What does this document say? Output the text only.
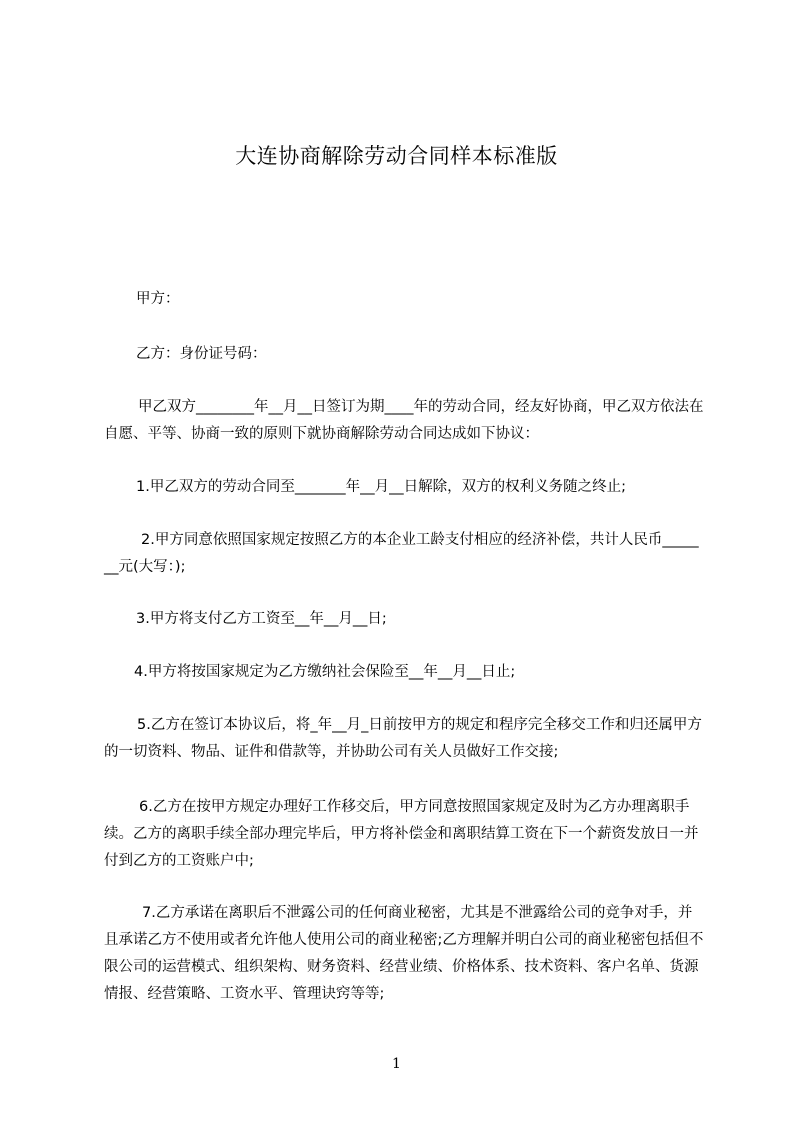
大连协商解除劳动合同样本标准版

甲方：

乙方：身份证号码：

甲乙双方________年__月__日签订为期____年的劳动合同，经友好协商，甲乙双方依法在自愿、平等、协商一致的原则下就协商解除劳动合同达成如下协议：

1.甲乙双方的劳动合同至_______年__月__日解除，双方的权利义务随之终止;

2.甲方同意依照国家规定按照乙方的本企业工龄支付相应的经济补偿，共计人民币_______元(大写：);

3.甲方将支付乙方工资至__年__月__日;

4.甲方将按国家规定为乙方缴纳社会保险至__年__月__日止;

5.乙方在签订本协议后，将_年__月_日前按甲方的规定和程序完全移交工作和归还属甲方的一切资料、物品、证件和借款等，并协助公司有关人员做好工作交接;

6.乙方在按甲方规定办理好工作移交后，甲方同意按照国家规定及时为乙方办理离职手续。乙方的离职手续全部办理完毕后，甲方将补偿金和离职结算工资在下一个薪资发放日一并付到乙方的工资账户中;

7.乙方承诺在离职后不泄露公司的任何商业秘密，尤其是不泄露给公司的竞争对手，并且承诺乙方不使用或者允许他人使用公司的商业秘密;乙方理解并明白公司的商业秘密包括但不限公司的运营模式、组织架构、财务资料、经营业绩、价格体系、技术资料、客户名单、货源情报、经营策略、工资水平、管理诀窍等等;

1
